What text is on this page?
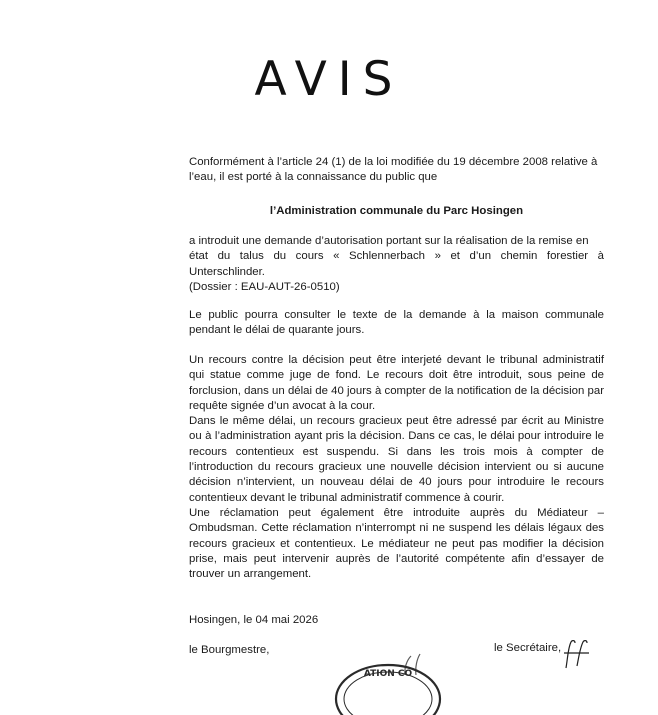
AVIS

Conformément à l’article 24 (1) de la loi modifiée du 19 décembre 2008 relative à
l’eau, il est porté à la connaissance du public que

l’Administration communale du Parc Hosingen

a introduit une demande d’autorisation portant sur la réalisation de la remise en
état du talus du cours « Schlennerbach » et d’un chemin forestier à
Unterschlinder.
(Dossier : EAU-AUT-26-0510)

Le public pourra consulter le texte de la demande à la maison communale
pendant le délai de quarante jours.

Un recours contre la décision peut être interjeté devant le tribunal administratif
qui statue comme juge de fond. Le recours doit être introduit, sous peine de
forclusion, dans un délai de 40 jours à compter de la notification de la décision par
requête signée d’un avocat à la cour.
Dans le même délai, un recours gracieux peut être adressé par écrit au Ministre
ou à l’administration ayant pris la décision. Dans ce cas, le délai pour introduire le
recours contentieux est suspendu. Si dans les trois mois à compter de
l’introduction du recours gracieux une nouvelle décision intervient ou si aucune
décision n’intervient, un nouveau délai de 40 jours pour introduire le recours
contentieux devant le tribunal administratif commence à courir.
Une réclamation peut également être introduite auprès du Médiateur –
Ombudsman. Cette réclamation n’interrompt ni ne suspend les délais légaux des
recours gracieux et contentieux. Le médiateur ne peut pas modifier la décision
prise, mais peut intervenir auprès de l’autorité compétente afin d’essayer de
trouver un arrangement.

Hosingen, le 04 mai 2026
le Bourgmestre,	le Secrétaire,
ATION CO
